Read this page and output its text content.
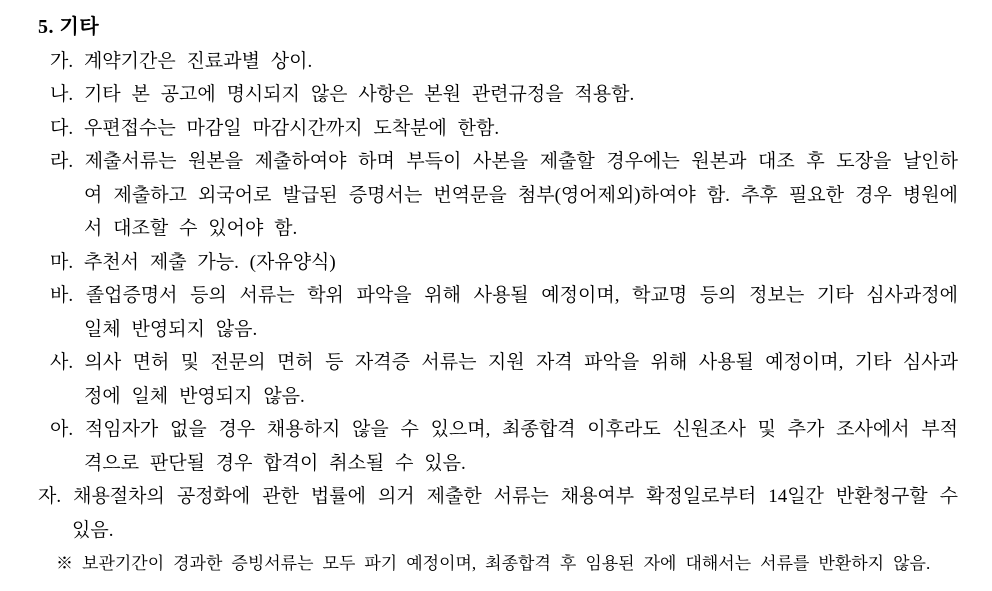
5. 기타

가. 계약기간은 진료과별 상이.

나. 기타 본 공고에 명시되지 않은 사항은 본원 관련규정을 적용함.

다. 우편접수는 마감일 마감시간까지 도착분에 한함.

라. 제출서류는 원본을 제출하여야 하며 부득이 사본을 제출할 경우에는 원본과 대조 후 도장을 날인하여 제출하고 외국어로 발급된 증명서는 번역문을 첨부(영어제외)하여야 함. 추후 필요한 경우 병원에서 대조할 수 있어야 함.

마. 추천서 제출 가능. (자유양식)

바. 졸업증명서 등의 서류는 학위 파악을 위해 사용될 예정이며, 학교명 등의 정보는 기타 심사과정에 일체 반영되지 않음.

사. 의사 면허 및 전문의 면허 등 자격증 서류는 지원 자격 파악을 위해 사용될 예정이며, 기타 심사과정에 일체 반영되지 않음.

아. 적임자가 없을 경우 채용하지 않을 수 있으며, 최종합격 이후라도 신원조사 및 추가 조사에서 부적격으로 판단될 경우 합격이 취소될 수 있음.

자. 채용절차의 공정화에 관한 법률에 의거 제출한 서류는 채용여부 확정일로부터 14일간 반환청구할 수 있음.

※ 보관기간이 경과한 증빙서류는 모두 파기 예정이며, 최종합격 후 임용된 자에 대해서는 서류를 반환하지 않음.
